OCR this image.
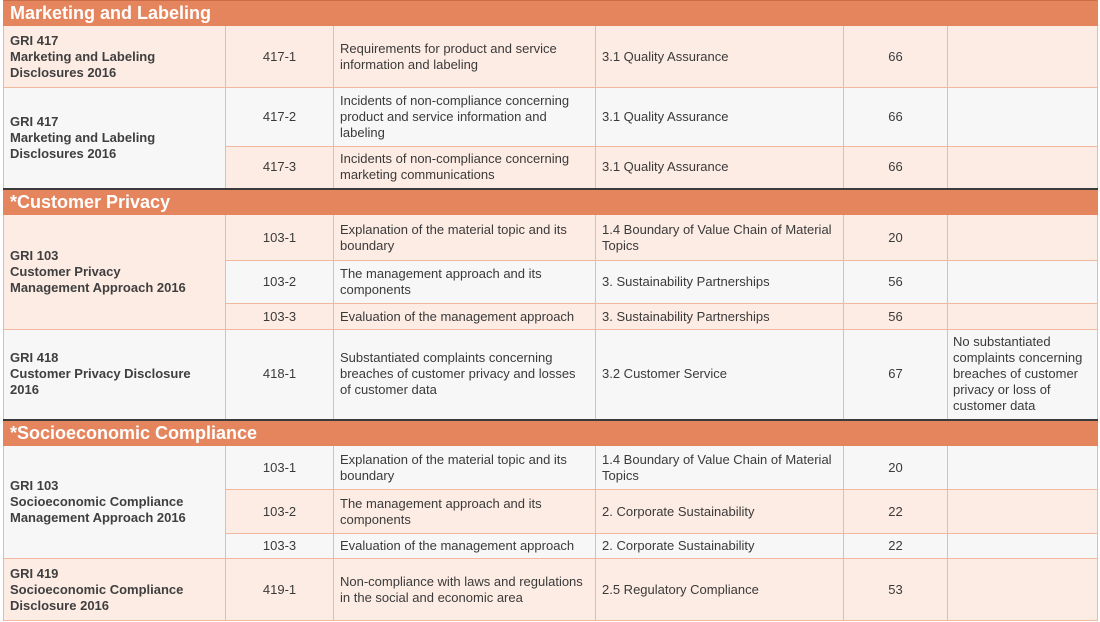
Marketing and Labeling					

GRI 417
Marketing and Labeling
Disclosures 2016	417-1	Requirements for product and service information and labeling	3.1 Quality Assurance	66	

GRI 417
Marketing and Labeling
Disclosures 2016	417-2	Incidents of non-compliance concerning product and service information and labeling	3.1 Quality Assurance	66	
	417-3	Incidents of non-compliance concerning marketing communications	3.1 Quality Assurance	66	
*Customer Privacy					

GRI 103
Customer Privacy
Management Approach 2016	103-1	Explanation of the material topic and its boundary	1.4 Boundary of Value Chain of Material Topics	20	
	103-2	The management approach and its components	3. Sustainability Partnerships	56	
	103-3	Evaluation of the management approach	3. Sustainability Partnerships	56	

GRI 418
Customer Privacy Disclosure
2016	418-1	Substantiated complaints concerning breaches of customer privacy and losses of customer data	3.2 Customer Service	67	No substantiated complaints concerning breaches of customer privacy or loss of customer data
*Socioeconomic Compliance					

GRI 103
Socioeconomic Compliance
Management Approach 2016	103-1	Explanation of the material topic and its boundary	1.4 Boundary of Value Chain of Material Topics	20	
	103-2	The management approach and its components	2. Corporate Sustainability	22	
	103-3	Evaluation of the management approach	2. Corporate Sustainability	22	

GRI 419
Socioeconomic Compliance
Disclosure 2016	419-1	Non-compliance with laws and regulations in the social and economic area	2.5 Regulatory Compliance	53	
